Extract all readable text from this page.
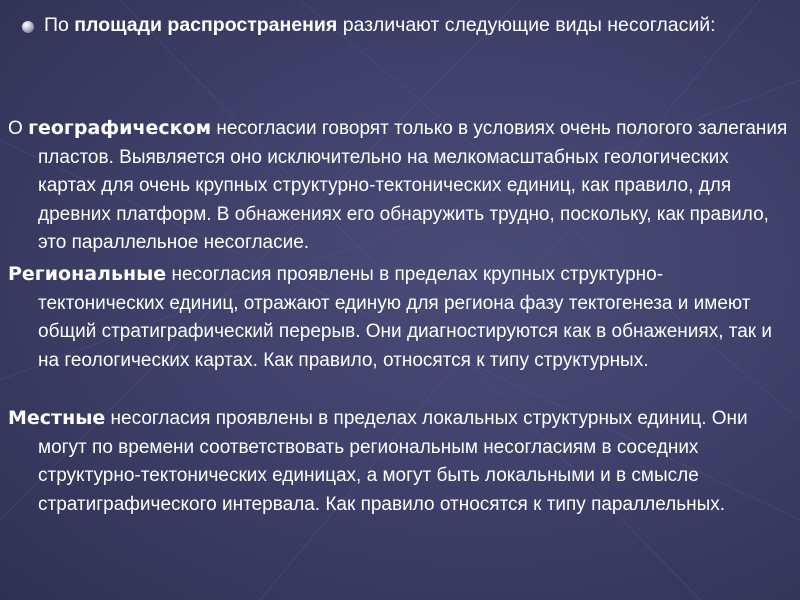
По площади распространения различают следующие виды несогласий:
О географическом несогласии говорят только в условиях очень пологого залегания пластов. Выявляется оно исключительно на мелкомасштабных геологических картах для очень крупных структурно-тектонических единиц, как правило, для древних платформ. В обнажениях его обнаружить трудно, поскольку, как правило, это параллельное несогласие.
Региональные несогласия проявлены в пределах крупных структурно-тектонических единиц, отражают единую для региона фазу тектогенеза и имеют общий стратиграфический перерыв. Они диагностируются как в обнажениях, так и на геологических картах. Как правило, относятся к типу структурных.
Местные несогласия проявлены в пределах локальных структурных единиц. Они могут по времени соответствовать региональным несогласиям в соседних структурно-тектонических единицах, а могут быть локальными и в смысле стратиграфического интервала. Как правило относятся к типу параллельных.
